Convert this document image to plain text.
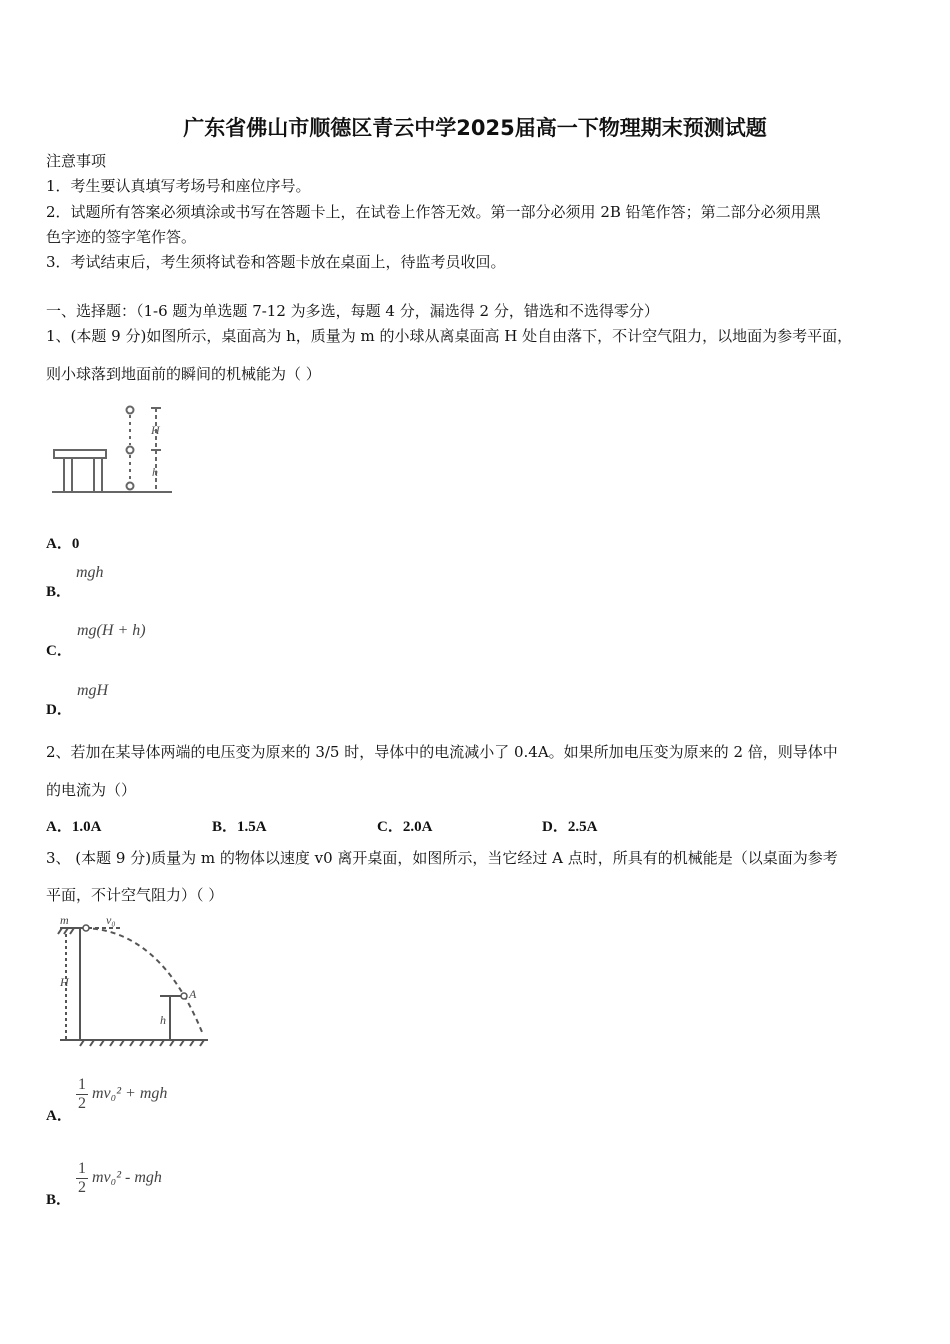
广东省佛山市顺德区青云中学2025届高一下物理期末预测试题
注意事项
1．考生要认真填写考场号和座位序号。
2．试题所有答案必须填涂或书写在答题卡上，在试卷上作答无效。第一部分必须用 2B 铅笔作答；第二部分必须用黑
色字迹的签字笔作答。
3．考试结束后，考生须将试卷和答题卡放在桌面上，待监考员收回。
一、选择题：（1-6 题为单选题 7-12 为多选，每题 4 分，漏选得 2 分，错选和不选得零分）
1、(本题 9 分)如图所示，桌面高为 h，质量为 m 的小球从离桌面高 H 处自由落下，不计空气阻力，以地面为参考平面，
则小球落到地面前的瞬间的机械能为（ ）
H
h
A．0
mgh
B．
mg(H + h)
C．
mgH
D．
2、若加在某导体两端的电压变为原来的 3/5 时，导体中的电流减小了 0.4A。如果所加电压变为原来的 2 倍，则导体中
的电流为（）
A．1.0A	B．1.5A	C．2.0A	D．2.5A
3、 (本题 9 分)质量为 m 的物体以速度 v0 离开桌面，如图所示，当它经过 A 点时，所具有的机械能是（以桌面为参考
平面，不计空气阻力）（ ）
m	v₀
H
A
h
A．
$\frac{1}{2} mv_0^2$ + mgh
B．
$\frac{1}{2} mv_0^2$ - mgh
